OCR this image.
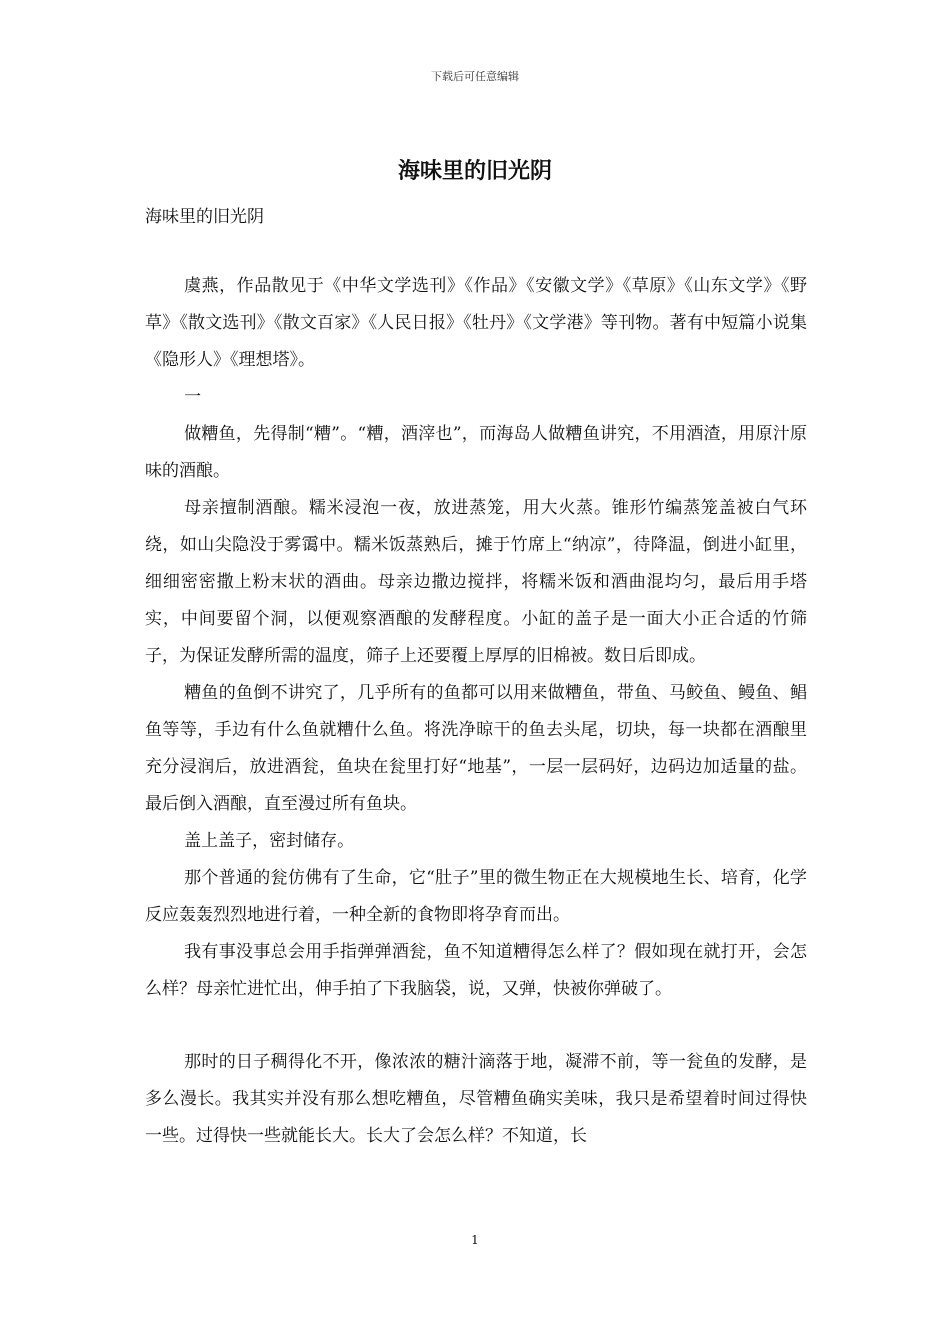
下载后可任意编辑
海味里的旧光阴

海味里的旧光阴

虞燕，作品散见于《中华文学选刊》《作品》《安徽文学》《草原》《山东文学》《野草》《散文选刊》《散文百家》《人民日报》《牡丹》《文学港》等刊物。著有中短篇小说集《隐形人》《理想塔》。

一

做糟鱼，先得制“糟”。“糟，酒滓也”，而海岛人做糟鱼讲究，不用酒渣，用原汁原味的酒酿。

母亲擅制酒酿。糯米浸泡一夜，放进蒸笼，用大火蒸。锥形竹编蒸笼盖被白气环绕，如山尖隐没于雾霭中。糯米饭蒸熟后，摊于竹席上“纳凉”，待降温，倒进小缸里，细细密密撒上粉末状的酒曲。母亲边撒边搅拌，将糯米饭和酒曲混均匀，最后用手塔实，中间要留个洞，以便观察酒酿的发酵程度。小缸的盖子是一面大小正合适的竹筛子，为保证发酵所需的温度，筛子上还要覆上厚厚的旧棉被。数日后即成。

糟鱼的鱼倒不讲究了，几乎所有的鱼都可以用来做糟鱼，带鱼、马鲛鱼、鳗鱼、鲳鱼等等，手边有什么鱼就糟什么鱼。将洗净晾干的鱼去头尾，切块，每一块都在酒酿里充分浸润后，放进酒瓮，鱼块在瓮里打好“地基”，一层一层码好，边码边加适量的盐。最后倒入酒酿，直至漫过所有鱼块。

盖上盖子，密封储存。

那个普通的瓮仿佛有了生命，它“肚子”里的微生物正在大规模地生长、培育，化学反应轰轰烈烈地进行着，一种全新的食物即将孕育而出。

我有事没事总会用手指弹弹酒瓮，鱼不知道糟得怎么样了？假如现在就打开，会怎么样？母亲忙进忙出，伸手拍了下我脑袋，说，又弹，快被你弹破了。

那时的日子稠得化不开，像浓浓的糖汁滴落于地，凝滞不前，等一瓮鱼的发酵，是多么漫长。我其实并没有那么想吃糟鱼，尽管糟鱼确实美味，我只是希望着时间过得快一些。过得快一些就能长大。长大了会怎么样？不知道，长

1
